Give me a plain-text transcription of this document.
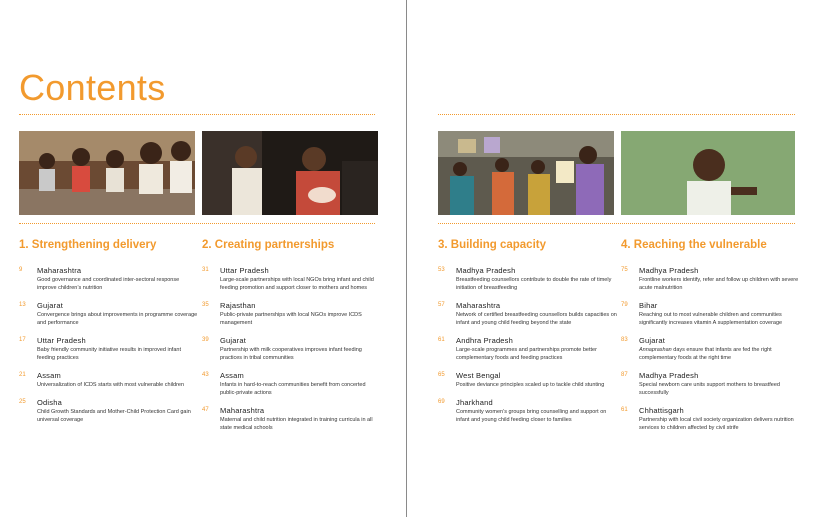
Contents
1. Strengthening delivery
9 Maharashtra
Good governance and coordinated inter-sectoral response improve children’s nutrition
13 Gujarat
Convergence brings about improvements in programme coverage and performance
17 Uttar Pradesh
Baby friendly community initiative results in improved infant feeding practices
21 Assam
Universalization of ICDS starts with most vulnerable children
25 Odisha
Child Growth Standards and Mother-Child Protection Card gain universal coverage
2. Creating partnerships
31 Uttar Pradesh
Large-scale partnerships with local NGOs bring infant and child feeding promotion and support closer to mothers and homes
35 Rajasthan
Public-private partnerships with local NGOs improve ICDS management
39 Gujarat
Partnership with milk cooperatives improves infant feeding practices in tribal communities
43 Assam
Infants in hard-to-reach communities benefit from concerted public-private actions
47 Maharashtra
Maternal and child nutrition integrated in training curricula in all state medical schools
3. Building capacity
53 Madhya Pradesh
Breastfeeding counsellors contribute to double the rate of timely initiation of breastfeeding
57 Maharashtra
Network of certified breastfeeding counsellors builds capacities on infant and young child feeding beyond the state
61 Andhra Pradesh
Large-scale programmes and partnerships promote better complementary foods and feeding practices
65 West Bengal
Positive deviance principles scaled up to tackle child stunting
69 Jharkhand
Community women’s groups bring counselling and support on infant and young child feeding closer to families
4. Reaching the vulnerable
75 Madhya Pradesh
Frontline workers identify, refer and follow up children with severe acute malnutrition
79 Bihar
Reaching out to most vulnerable children and communities significantly increases vitamin A supplementation coverage
83 Gujarat
Annaprashan days ensure that infants are fed the right complementary foods at the right time
87 Madhya Pradesh
Special newborn care units support mothers to breastfeed successfully
61 Chhattisgarh
Partnership with local civil society organization delivers nutrition services to children affected by civil strife
